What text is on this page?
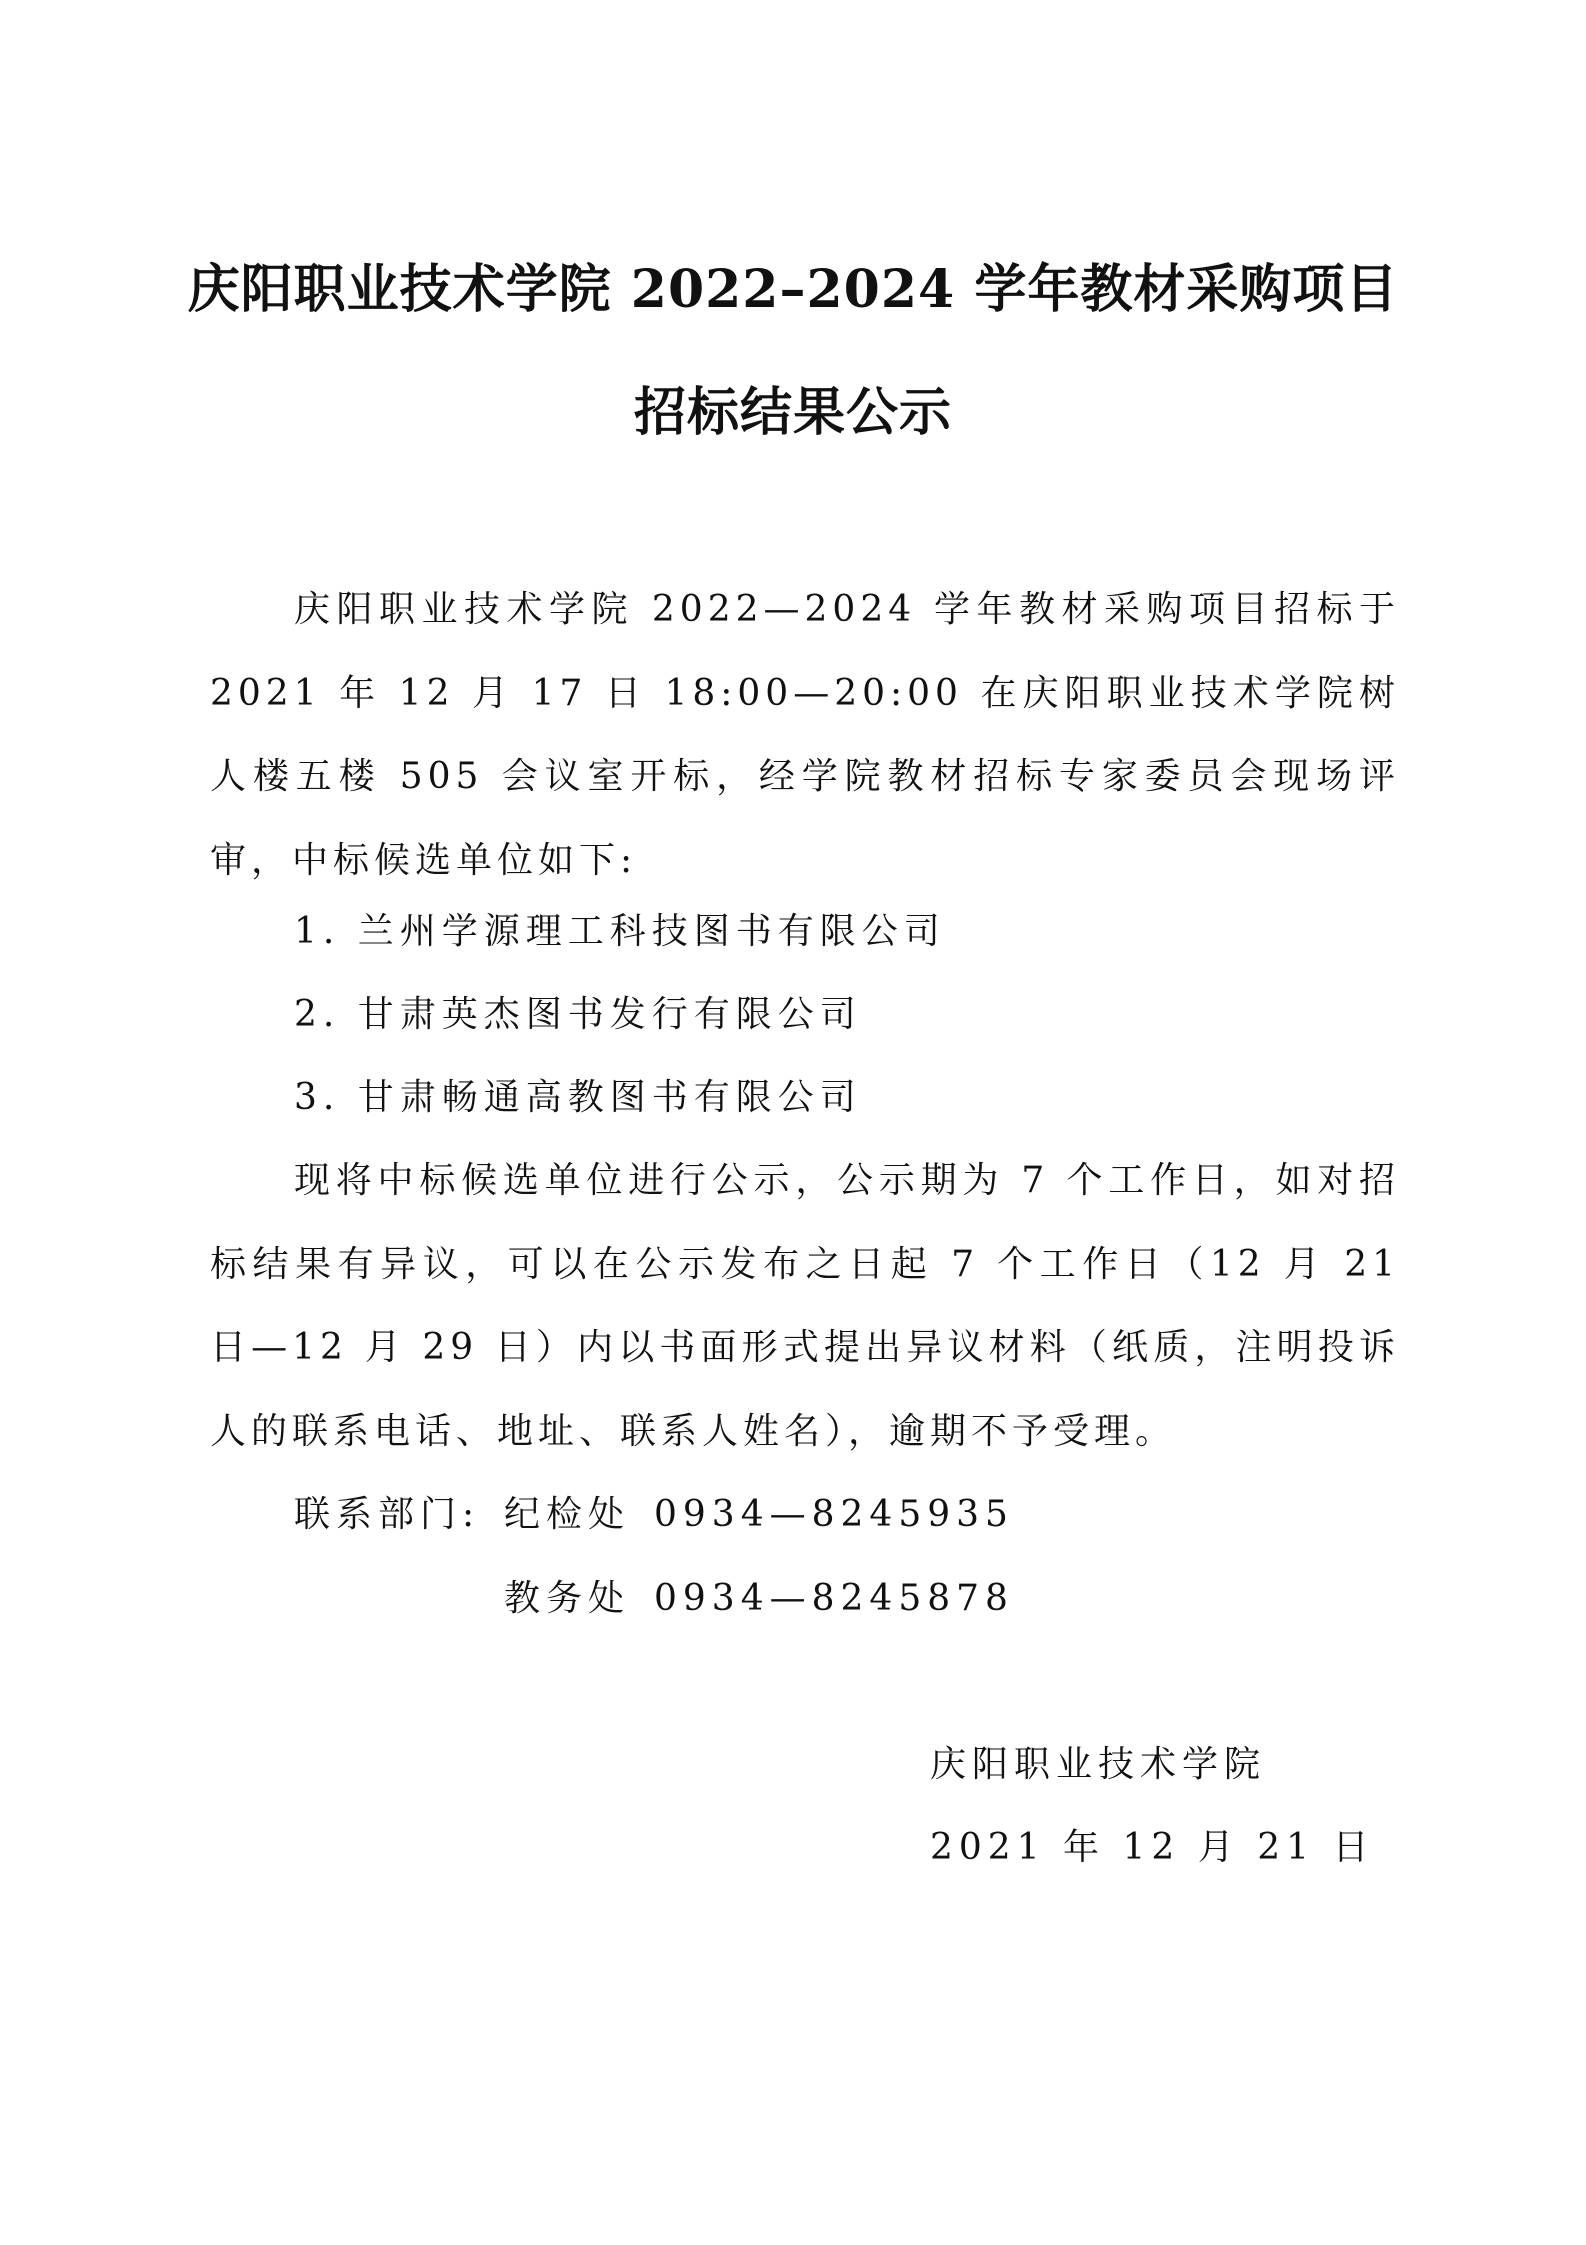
庆阳职业技术学院 2022–2024 学年教材采购项目
招标结果公示
庆阳职业技术学院 2022—2024 学年教材采购项目招标于 2021 年 12 月 17 日 18:00—20:00 在庆阳职业技术学院树人楼五楼 505 会议室开标，经学院教材招标专家委员会现场评审，中标候选单位如下:
1. 兰州学源理工科技图书有限公司
2. 甘肃英杰图书发行有限公司
3. 甘肃畅通高教图书有限公司
现将中标候选单位进行公示，公示期为 7 个工作日，如对招标结果有异议，可以在公示发布之日起 7 个工作日（12 月 21 日—12 月 29 日）内以书面形式提出异议材料（纸质，注明投诉人的联系电话、地址、联系人姓名），逾期不予受理。
联系部门: 纪检处 0934—8245935
教务处 0934—8245878
庆阳职业技术学院
2021 年 12 月 21 日
